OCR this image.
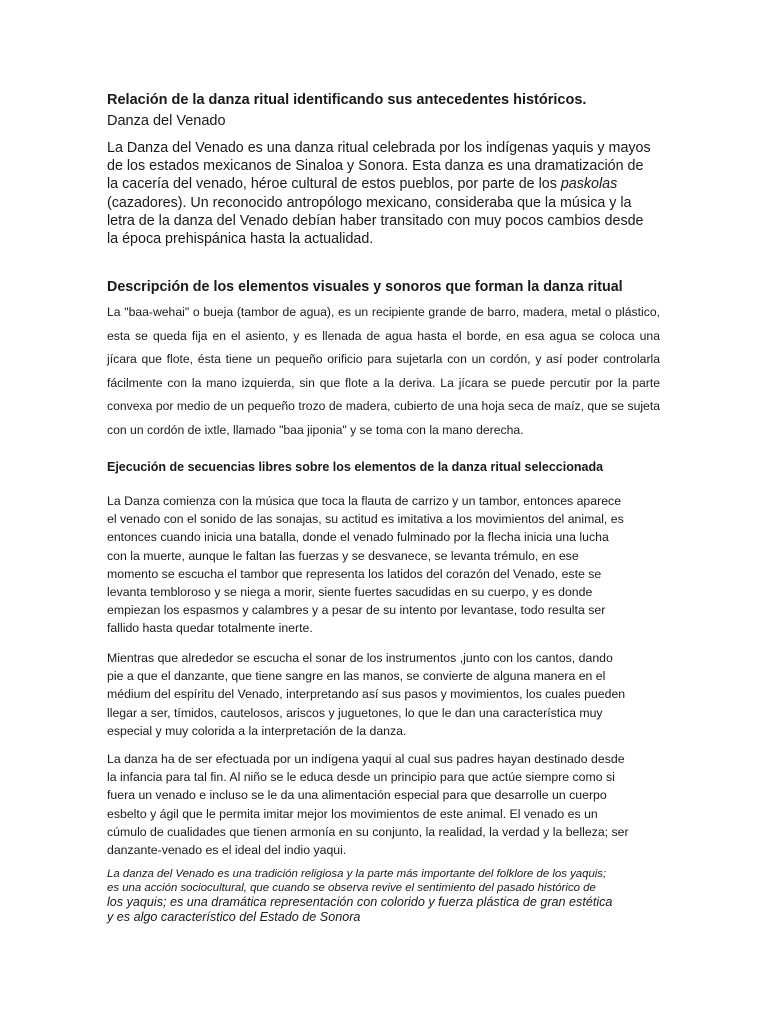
Relación de la danza ritual identificando sus antecedentes históricos.
Danza del Venado
La Danza del Venado es una danza ritual celebrada por los indígenas yaquis y mayos de los estados mexicanos de Sinaloa y Sonora. Esta danza es una dramatización de la cacería del venado, héroe cultural de estos pueblos, por parte de los paskolas (cazadores). Un reconocido antropólogo mexicano, consideraba que la música y la letra de la danza del Venado debían haber transitado con muy pocos cambios desde la época prehispánica hasta la actualidad.
Descripción de los elementos visuales y sonoros que forman la danza ritual
La "baa-wehai" o bueja (tambor de agua), es un recipiente grande de barro, madera, metal o plástico, esta se queda fija en el asiento, y es llenada de agua hasta el borde, en esa agua se coloca una jícara que flote, ésta tiene un pequeño orificio para sujetarla con un cordón, y así poder controlarla fácilmente con la mano izquierda, sin que flote a la deriva. La jícara se puede percutir por la parte convexa por medio de un pequeño trozo de madera, cubierto de una hoja seca de maíz, que se sujeta con un cordón de ixtle, llamado "baa jiponia" y se toma con la mano derecha.
Ejecución de secuencias libres sobre los elementos de la danza ritual seleccionada
La Danza comienza con la música que toca la flauta de carrizo y un tambor, entonces aparece el venado con el sonido de las sonajas, su actitud es imitativa a los movimientos del animal, es entonces cuando inicia una batalla, donde el venado fulminado por la flecha inicia una lucha con la muerte, aunque le faltan las fuerzas y se desvanece, se levanta trémulo, en ese momento se escucha el tambor que representa los latidos del corazón del Venado, este se levanta tembloroso y se niega a morir, siente fuertes sacudidas en su cuerpo, y es donde empiezan los espasmos y calambres y a pesar de su intento por levantase, todo resulta ser fallido hasta quedar totalmente inerte.
Mientras que alrededor se escucha el sonar de los instrumentos ,junto con los cantos, dando pie a que el danzante, que tiene sangre en las manos, se convierte de alguna manera en el médium del espíritu del Venado, interpretando así sus pasos y movimientos, los cuales pueden llegar a ser, tímidos, cautelosos, ariscos y juguetones, lo que le dan una característica muy especial y muy colorida a la interpretación de la danza.
La danza ha de ser efectuada por un indígena yaqui al cual sus padres hayan destinado desde la infancia para tal fin. Al niño se le educa desde un principio para que actúe siempre como si fuera un venado e incluso se le da una alimentación especial para que desarrolle un cuerpo esbelto y ágil que le permita imitar mejor los movimientos de este animal. El venado es un cúmulo de cualidades que tienen armonía en su conjunto, la realidad, la verdad y la belleza; ser danzante-venado es el ideal del indio yaqui.
La danza del Venado es una tradición religiosa y la parte más importante del folklore de los yaquis;
es una acción sociocultural, que cuando se observa revive el sentimiento del pasado histórico de
los yaquis; es una dramática representación con colorido y fuerza plástica de gran estética
y es algo característico del Estado de Sonora
